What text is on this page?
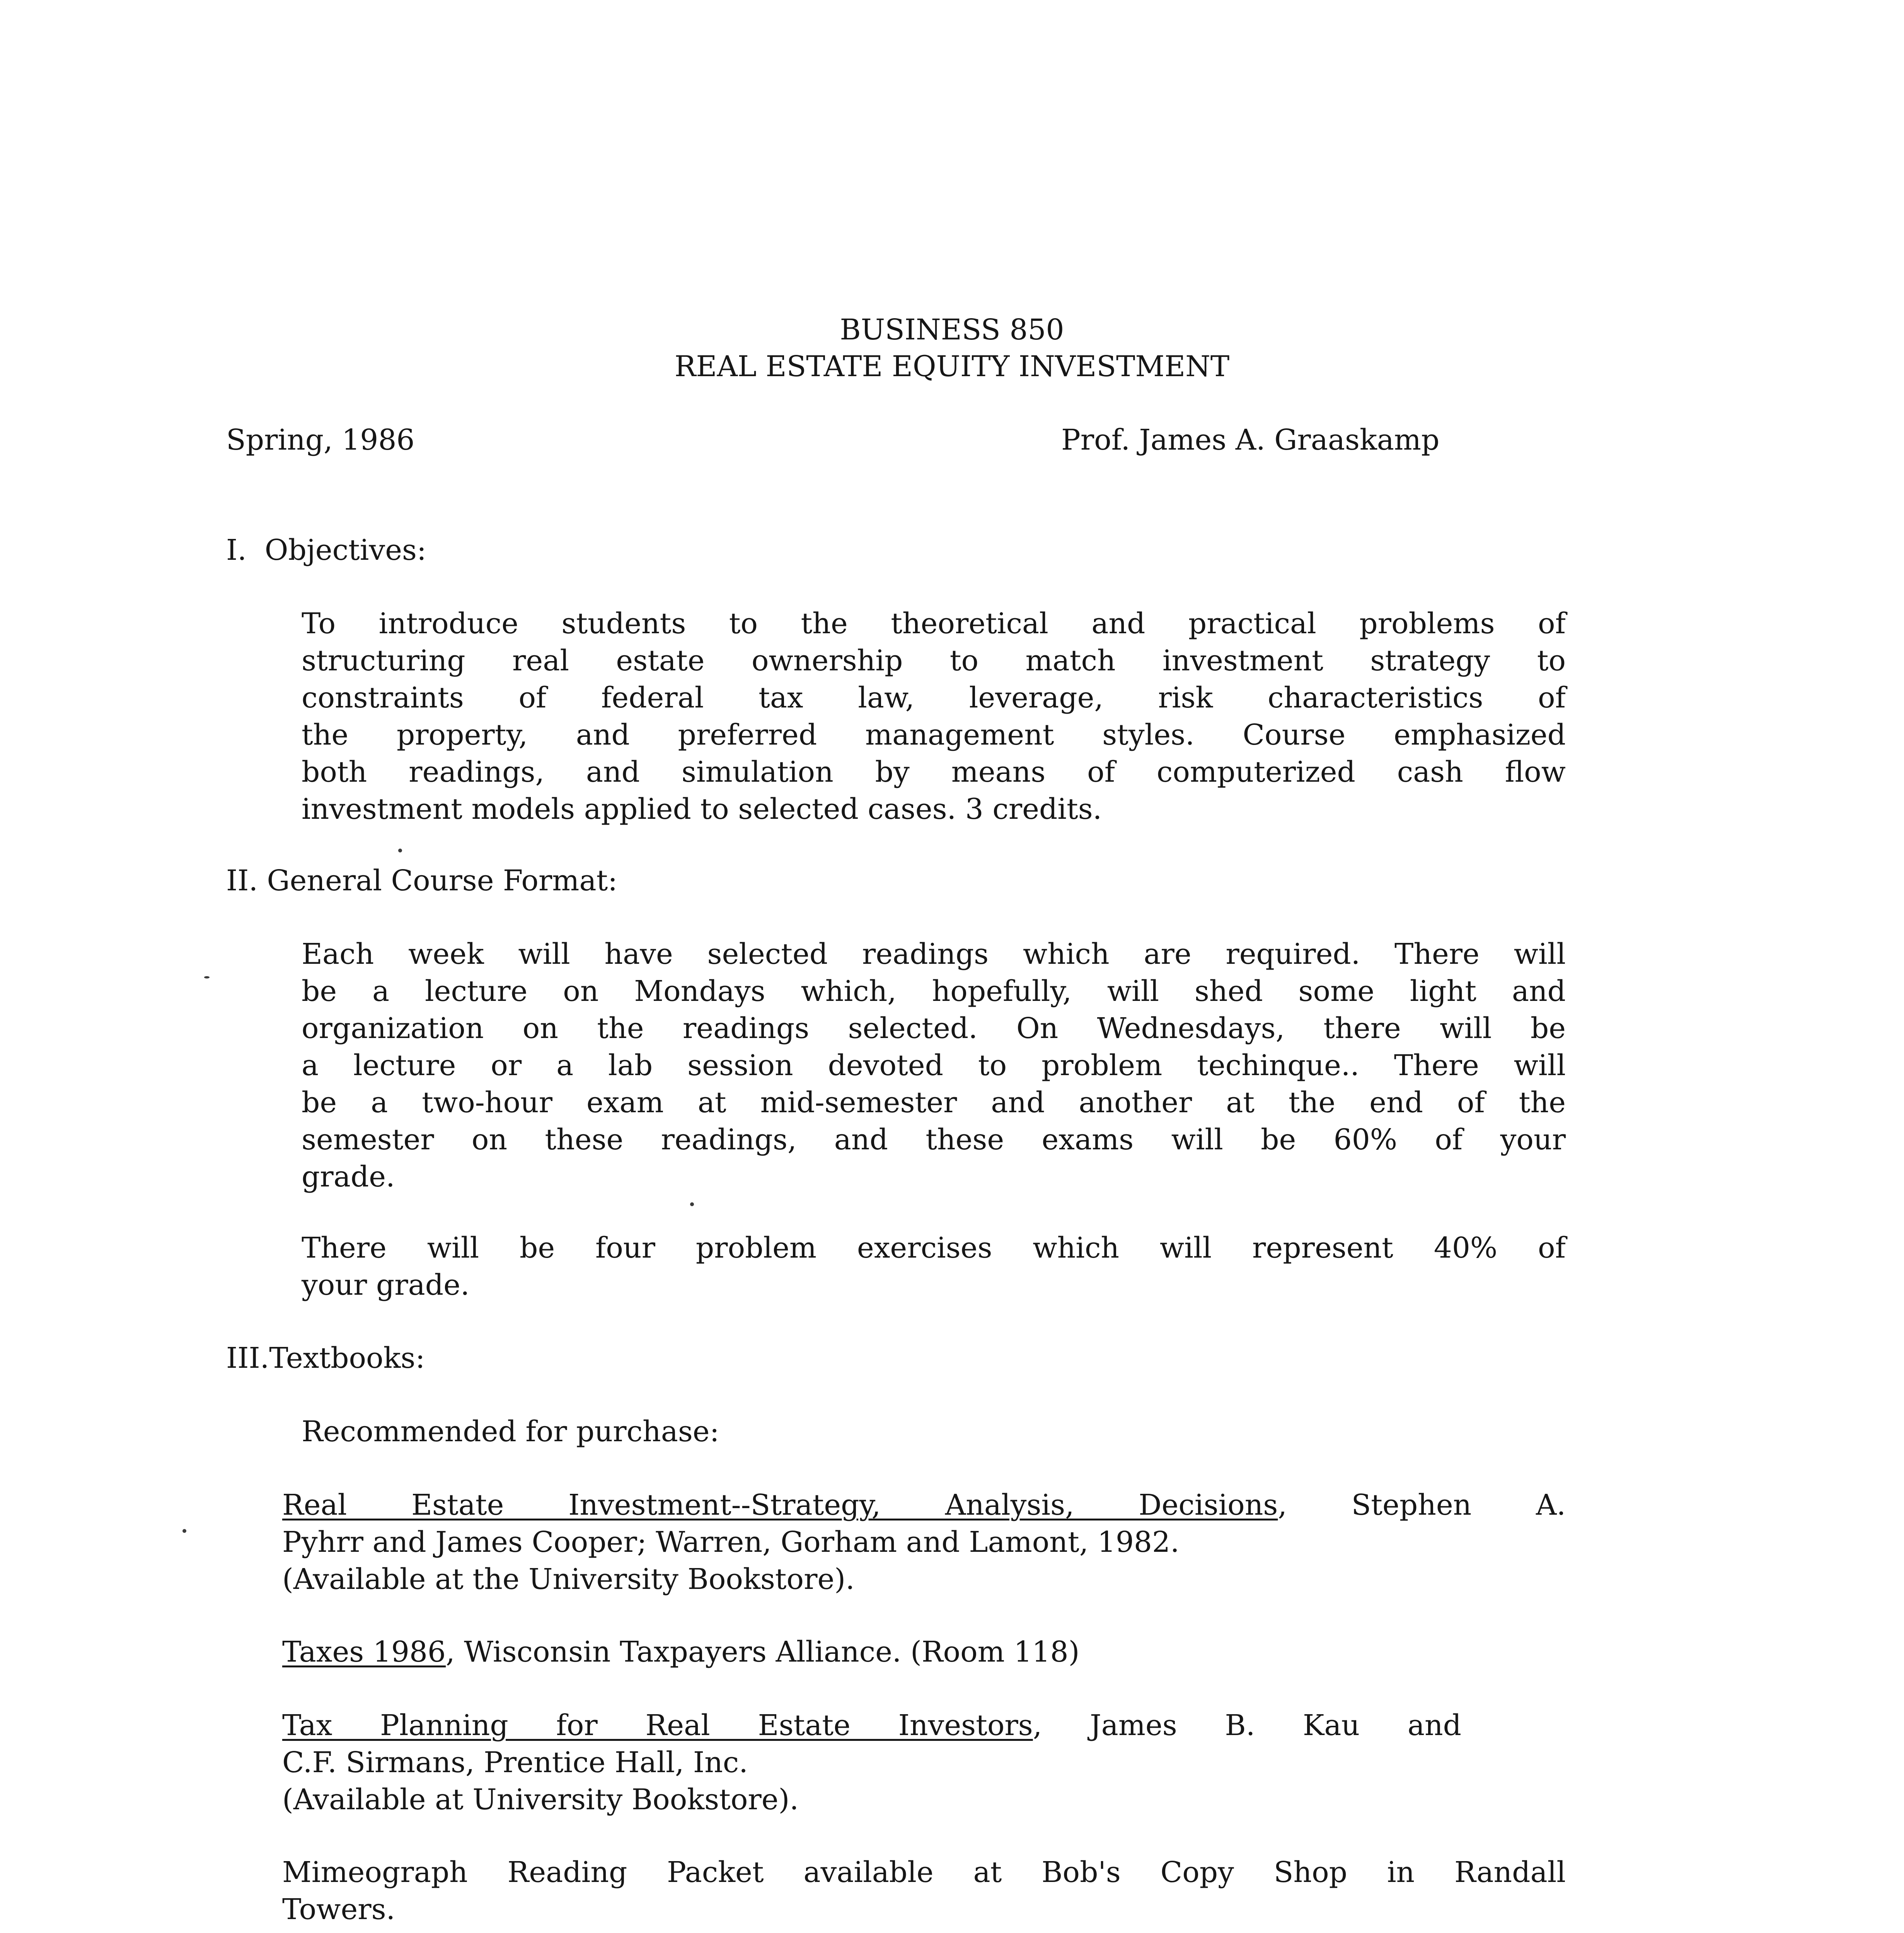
BUSINESS 850
REAL ESTATE EQUITY INVESTMENT
Spring, 1986	Prof. James A. Graaskamp
I.  Objectives:
To introduce students to the theoretical and practical problems of
structuring real estate ownership to match investment strategy to
constraints of federal tax law, leverage, risk characteristics of
the property, and preferred management styles. Course emphasized
both readings, and simulation by means of computerized cash flow
investment models applied to selected cases. 3 credits.
II. General Course Format:
Each week will have selected readings which are required. There will
be a lecture on Mondays which, hopefully, will shed some light and
organization on the readings selected. On Wednesdays, there will be
a lecture or a lab session devoted to problem techinque.. There will
be a two-hour exam at mid-semester and another at the end of the
semester on these readings, and these exams will be 60% of your
grade.
There will be four problem exercises which will represent 40% of
your grade.
III.Textbooks:
Recommended for purchase:
Real Estate Investment--Strategy, Analysis, Decisions, Stephen A.
Pyhrr and James Cooper; Warren, Gorham and Lamont, 1982.
(Available at the University Bookstore).
Taxes 1986, Wisconsin Taxpayers Alliance. (Room 118)
Tax Planning for Real Estate Investors, James B. Kau and
C.F. Sirmans, Prentice Hall, Inc.
(Available at University Bookstore).
Mimeograph Reading Packet available at Bob's Copy Shop in Randall
Towers.
